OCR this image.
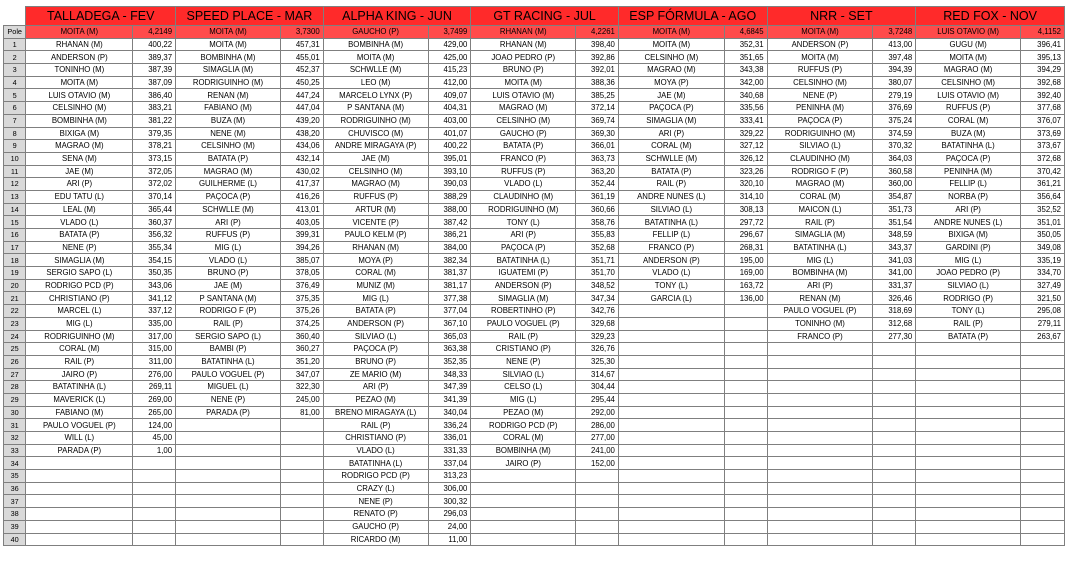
	TALLADEGA - FEV		SPEED PLACE - MAR		ALPHA KING - JUN		GT RACING - JUL		ESP FÓRMULA - AGO		NRR - SET		RED FOX - NOV	
Pole	MOITA (M)	4,2149	MOITA (M)	3,7300	GAUCHO (P)	3,7499	RHANAN (M)	4,2261	MOITA (M)	4,6845	MOITA (M)	3,7248	LUIS OTAVIO (M)	4,1152
1	RHANAN (M)	400,22	MOITA (M)	457,31	BOMBINHA (M)	429,00	RHANAN (M)	398,40	MOITA (M)	352,31	ANDERSON (P)	413,00	GUGU (M)	396,41
2	ANDERSON (P)	389,37	BOMBINHA (M)	455,01	MOITA (M)	425,00	JOAO PEDRO (P)	392,86	CELSINHO (M)	351,65	MOITA (M)	397,48	MOITA (M)	395,13
3	TONINHO (M)	387,39	SIMAGLIA (M)	452,37	SCHWLLE (M)	415,23	BRUNO (P)	392,01	MAGRAO (M)	343,38	RUFFUS (P)	394,39	MAGRAO (M)	394,29
4	MOITA (M)	387,09	RODRIGUINHO (M)	450,25	LEO (M)	412,00	MOITA (M)	388,36	MOYA (P)	342,00	CELSINHO (M)	380,07	CELSINHO (M)	392,68
5	LUIS OTAVIO (M)	386,40	RENAN (M)	447,24	MARCELO LYNX (P)	409,07	LUIS OTAVIO (M)	385,25	JAE (M)	340,68	NENE (P)	279,19	LUIS OTAVIO (M)	392,40
6	CELSINHO (M)	383,21	FABIANO (M)	447,04	P SANTANA (M)	404,31	MAGRAO (M)	372,14	PAÇOCA (P)	335,56	PENINHA (M)	376,69	RUFFUS (P)	377,68
7	BOMBINHA (M)	381,22	BUZA (M)	439,20	RODRIGUINHO (M)	403,00	CELSINHO (M)	369,74	SIMAGLIA (M)	333,41	PAÇOCA (P)	375,24	CORAL (M)	376,07
8	BIXIGA (M)	379,35	NENE (M)	438,20	CHUVISCO (M)	401,07	GAUCHO (P)	369,30	ARI (P)	329,22	RODRIGUINHO (M)	374,59	BUZA (M)	373,69
9	MAGRAO (M)	378,21	CELSINHO (M)	434,06	ANDRE MIRAGAYA (P)	400,22	BATATA (P)	366,01	CORAL (M)	327,12	SILVIAO (L)	370,32	BATATINHA (L)	373,67
10	SENA (M)	373,15	BATATA (P)	432,14	JAE (M)	395,01	FRANCO (P)	363,73	SCHWLLE (M)	326,12	CLAUDINHO (M)	364,03	PAÇOCA (P)	372,68
11	JAE (M)	372,05	MAGRAO (M)	430,02	CELSINHO (M)	393,10	RUFFUS (P)	363,20	BATATA (P)	323,26	RODRIGO F (P)	360,58	PENINHA (M)	370,42
12	ARI (P)	372,02	GUILHERME (L)	417,37	MAGRAO (M)	390,03	VLADO (L)	352,44	RAIL (P)	320,10	MAGRAO (M)	360,00	FELLIP (L)	361,21
13	EDU TATU (L)	370,14	PAÇOCA (P)	416,26	RUFFUS (P)	388,29	CLAUDINHO (M)	361,19	ANDRE NUNES (L)	314,10	CORAL (M)	354,87	NORBA (P)	356,64
14	LEAL (M)	365,44	SCHWLLE (M)	413,01	ARTUR (M)	388,00	RODRIGUINHO (M)	360,66	SILVIAO (L)	308,13	MAICON (L)	351,73	ARI (P)	352,52
15	VLADO (L)	360,37	ARI (P)	403,05	VICENTE (P)	387,42	TONY (L)	358,76	BATATINHA (L)	297,72	RAIL (P)	351,54	ANDRE NUNES (L)	351,01
16	BATATA (P)	356,32	RUFFUS (P)	399,31	PAULO KELM (P)	386,21	ARI (P)	355,83	FELLIP (L)	296,67	SIMAGLIA (M)	348,59	BIXIGA (M)	350,05
17	NENE (P)	355,34	MIG (L)	394,26	RHANAN (M)	384,00	PAÇOCA (P)	352,68	FRANCO (P)	268,31	BATATINHA (L)	343,37	GARDINI (P)	349,08
18	SIMAGLIA (M)	354,15	VLADO (L)	385,07	MOYA (P)	382,34	BATATINHA (L)	351,71	ANDERSON (P)	195,00	MIG (L)	341,03	MIG (L)	335,19
19	SERGIO SAPO (L)	350,35	BRUNO (P)	378,05	CORAL (M)	381,37	IGUATEMI (P)	351,70	VLADO (L)	169,00	BOMBINHA (M)	341,00	JOAO PEDRO (P)	334,70
20	RODRIGO PCD (P)	343,06	JAE (M)	376,49	MUNIZ (M)	381,17	ANDERSON (P)	348,52	TONY (L)	163,72	ARI (P)	331,37	SILVIAO (L)	327,49
21	CHRISTIANO (P)	341,12	P SANTANA (M)	375,35	MIG (L)	377,38	SIMAGLIA (M)	347,34	GARCIA (L)	136,00	RENAN (M)	326,46	RODRIGO (P)	321,50
22	MARCEL (L)	337,12	RODRIGO F (P)	375,26	BATATA (P)	377,04	ROBERTINHO (P)	342,76			PAULO VOGUEL (P)	318,69	TONY (L)	295,08
23	MIG (L)	335,00	RAIL (P)	374,25	ANDERSON (P)	367,10	PAULO VOGUEL (P)	329,68			TONINHO (M)	312,68	RAIL (P)	279,11
24	RODRIGUINHO (M)	317,00	SERGIO SAPO (L)	360,40	SILVIAO (L)	365,03	RAIL (P)	329,23			FRANCO (P)	277,30	BATATA (P)	263,67
25	CORAL (M)	315,00	BAMBI (P)	360,27	PAÇOCA (P)	363,38	CRISTIANO (P)	326,76						
26	RAIL (P)	311,00	BATATINHA (L)	351,20	BRUNO (P)	352,35	NENE (P)	325,30						
27	JAIRO (P)	276,00	PAULO VOGUEL (P)	347,07	ZE MARIO (M)	348,33	SILVIAO (L)	314,67						
28	BATATINHA (L)	269,11	MIGUEL (L)	322,30	ARI (P)	347,39	CELSO (L)	304,44						
29	MAVERICK (L)	269,00	NENE (P)	245,00	PEZAO (M)	341,39	MIG (L)	295,44						
30	FABIANO (M)	265,00	PARADA (P)	81,00	BRENO MIRAGAYA (L)	340,04	PEZAO (M)	292,00						
31	PAULO VOGUEL (P)	124,00			RAIL (P)	336,24	RODRIGO PCD (P)	286,00						
32	WILL (L)	45,00			CHRISTIANO (P)	336,01	CORAL (M)	277,00						
33	PARADA (P)	1,00			VLADO (L)	331,33	BOMBINHA (M)	241,00						
34					BATATINHA (L)	337,04	JAIRO (P)	152,00						
35					RODRIGO PCD (P)	313,23								
36					CRAZY (L)	306,00								
37					NENE (P)	300,32								
38					RENATO (P)	296,03								
39					GAUCHO (P)	24,00								
40					RICARDO (M)	11,00								
